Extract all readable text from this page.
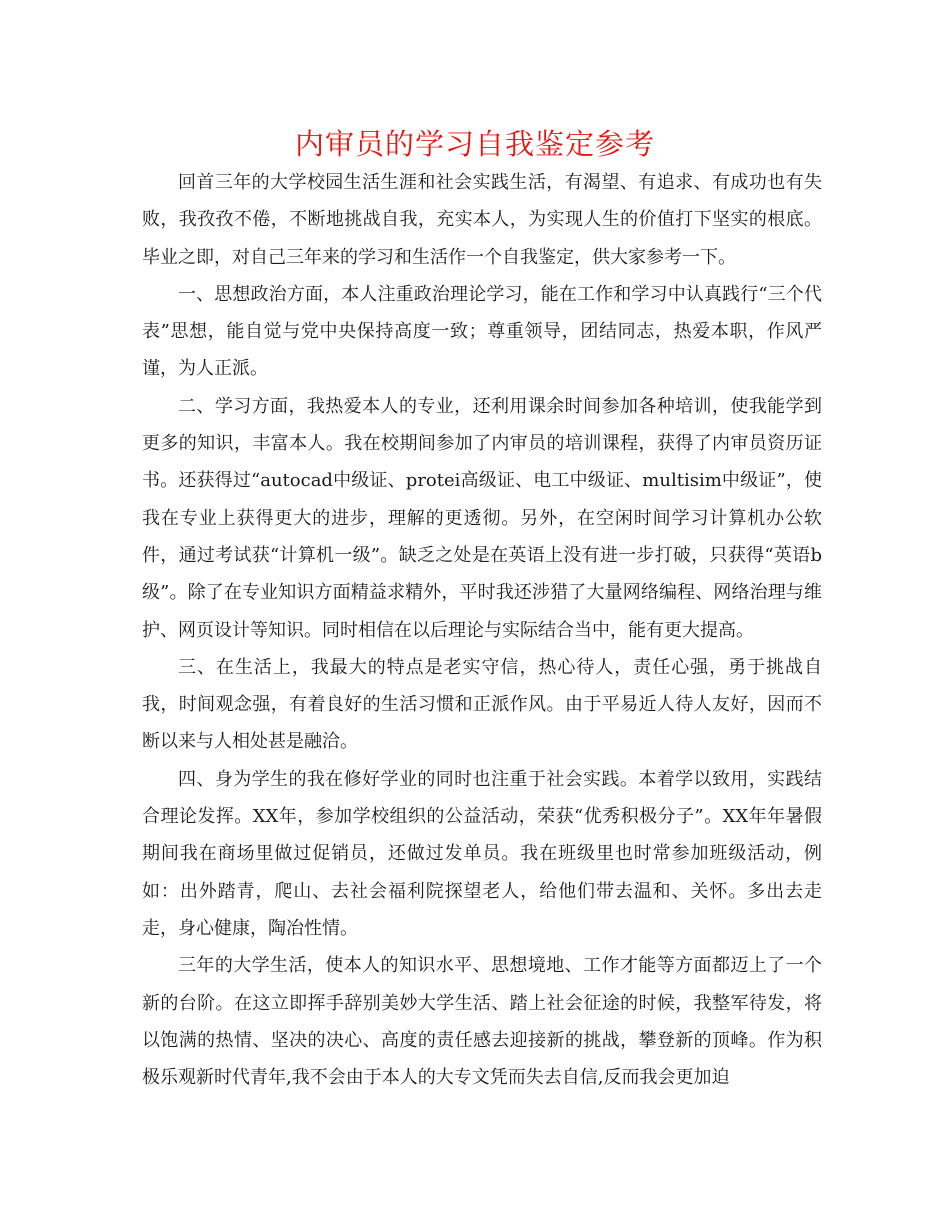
内审员的学习自我鉴定参考

回首三年的大学校园生活生涯和社会实践生活，有渴望、有追求、有成功也有失败，我孜孜不倦，不断地挑战自我，充实本人，为实现人生的价值打下坚实的根底。毕业之即，对自己三年来的学习和生活作一个自我鉴定，供大家参考一下。

一、思想政治方面，本人注重政治理论学习，能在工作和学习中认真践行“三个代表”思想，能自觉与党中央保持高度一致；尊重领导，团结同志，热爱本职，作风严谨，为人正派。

二、学习方面，我热爱本人的专业，还利用课余时间参加各种培训，使我能学到更多的知识，丰富本人。我在校期间参加了内审员的培训课程，获得了内审员资历证书。还获得过“autocad中级证、protei高级证、电工中级证、multisim中级证”，使我在专业上获得更大的进步，理解的更透彻。另外，在空闲时间学习计算机办公软件，通过考试获“计算机一级”。缺乏之处是在英语上没有进一步打破，只获得“英语b级”。除了在专业知识方面精益求精外，平时我还涉猎了大量网络编程、网络治理与维护、网页设计等知识。同时相信在以后理论与实际结合当中，能有更大提高。

三、在生活上，我最大的特点是老实守信，热心待人，责任心强，勇于挑战自我，时间观念强，有着良好的生活习惯和正派作风。由于平易近人待人友好，因而不断以来与人相处甚是融洽。

四、身为学生的我在修好学业的同时也注重于社会实践。本着学以致用，实践结合理论发挥。XX年，参加学校组织的公益活动，荣获“优秀积极分子”。XX年年暑假期间我在商场里做过促销员，还做过发单员。我在班级里也时常参加班级活动，例如：出外踏青，爬山、去社会福利院探望老人，给他们带去温和、关怀。多出去走走，身心健康，陶冶性情。

三年的大学生活，使本人的知识水平、思想境地、工作才能等方面都迈上了一个新的台阶。在这立即挥手辞别美妙大学生活、踏上社会征途的时候，我整军待发，将以饱满的热情、坚决的决心、高度的责任感去迎接新的挑战，攀登新的顶峰。作为积极乐观新时代青年,我不会由于本人的大专文凭而失去自信,反而我会更加迫
